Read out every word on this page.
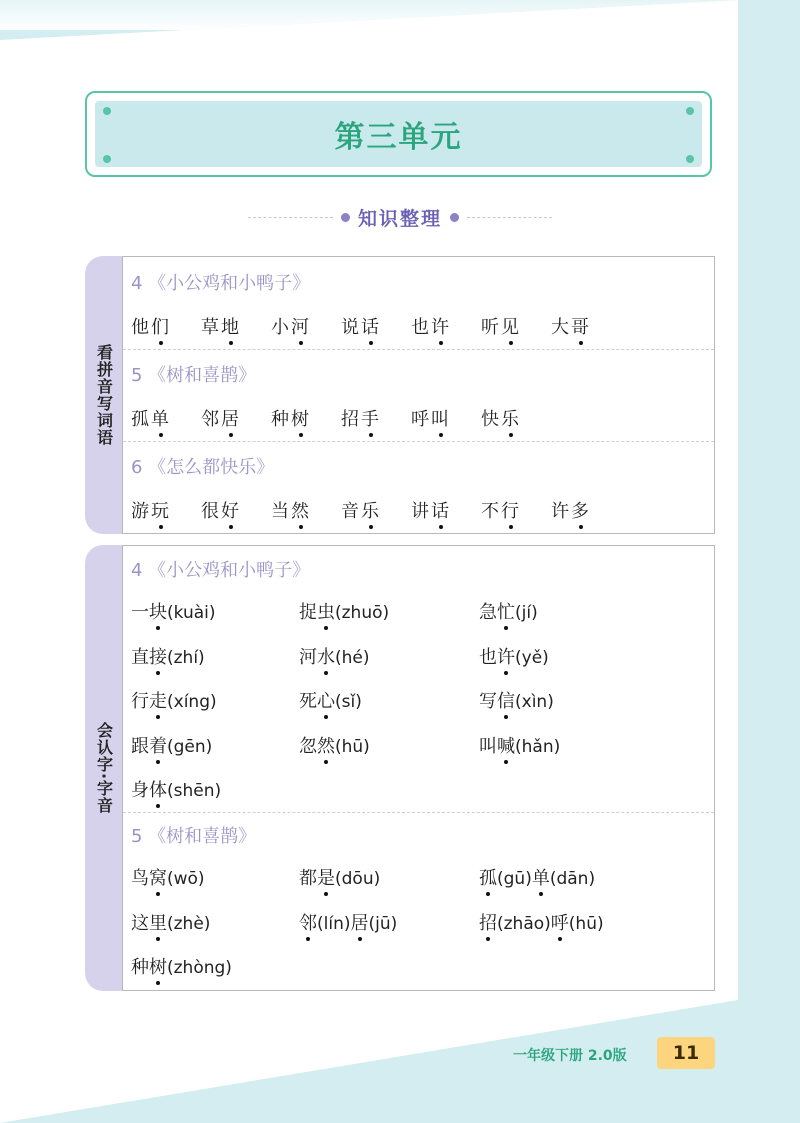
第三单元
知识整理
看拼音写词语
4 《小公鸡和小鸭子》
他们 草地 小河 说话 也许 听见 大哥
5 《树和喜鹊》
孤单 邻居 种树 招手 呼叫 快乐
6 《怎么都快乐》
游玩 很好 当然 音乐 讲话 不行 许多
会认字·字音
4 《小公鸡和小鸭子》
一块(kuài)	捉虫(zhuō)	急忙(jí)
直接(zhí)	河水(hé)	也许(yě)
行走(xíng)	死心(sǐ)	写信(xìn)
跟着(gēn)	忽然(hū)	叫喊(hǎn)
身体(shēn)
5 《树和喜鹊》
鸟窝(wō)	都是(dōu)	孤(gū)单(dān)
这里(zhè)	邻(lín)居(jū)	招(zhāo)呼(hū)
种树(zhòng)
一年级下册 2.0版	11
